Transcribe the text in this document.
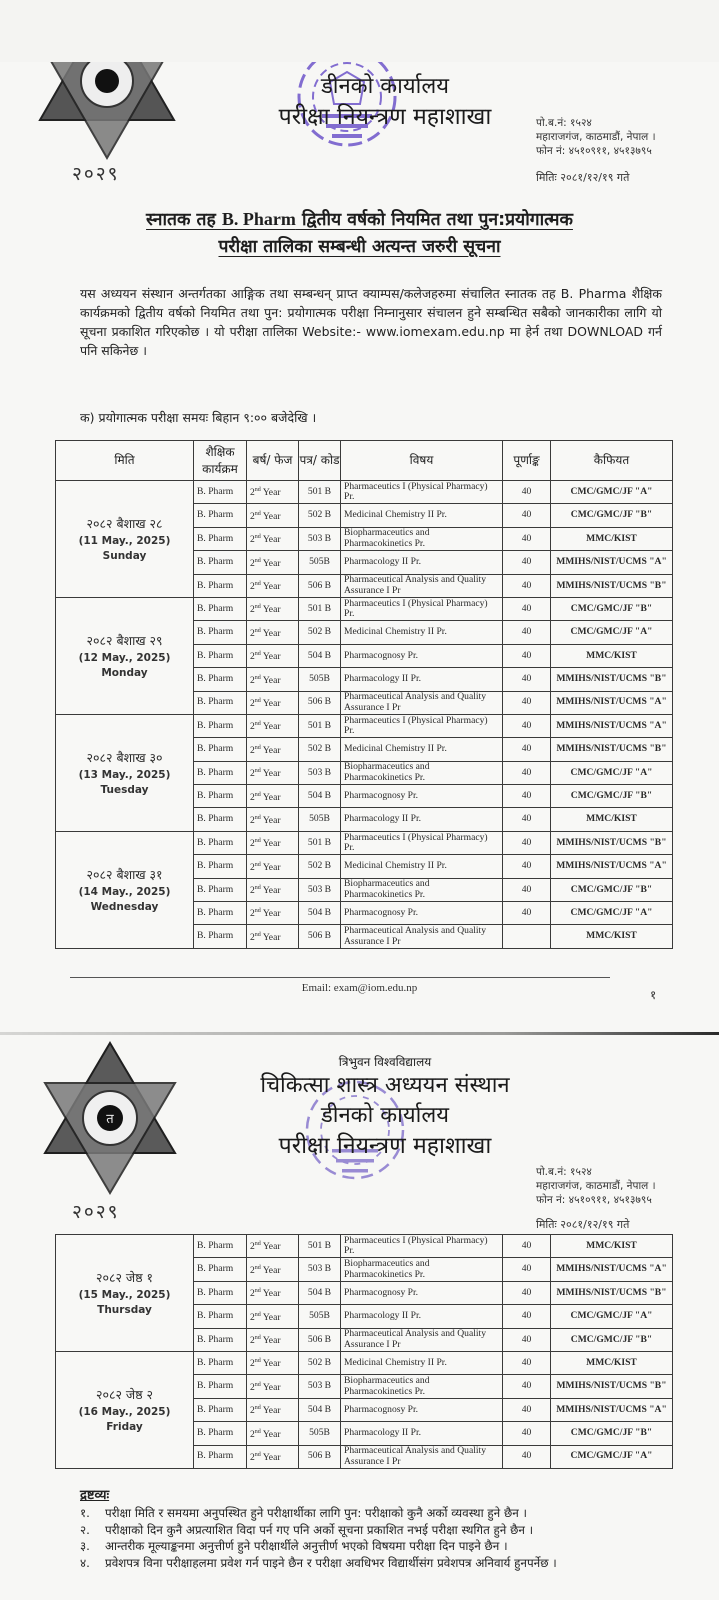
२०२९
डीनको कार्यालय
परीक्षा नियन्त्रण महाशाखा	पो.ब.नं: १५२४
महाराजगंज, काठमाडौं, नेपाल ।
फोन नं: ४५१०९११, ४५१३७९५
मितिः २०८१/१२/१९ गते
स्नातक तह B. Pharm द्वितीय वर्षको नियमित तथा पुन:प्रयोगात्मक
परीक्षा तालिका सम्बन्धी अत्यन्त जरुरी सूचना
यस अध्ययन संस्थान अन्तर्गतका आङ्गिक तथा सम्बन्धन् प्राप्त क्याम्पस/कलेजहरुमा संचालित स्नातक तह B. Pharma शैक्षिक कार्यक्रमको द्वितीय वर्षको नियमित तथा पुन: प्रयोगात्मक परीक्षा निम्नानुसार संचालन हुने सम्बन्धित सबैको जानकारीका लागि यो सूचना प्रकाशित गरिएकोछ । यो परीक्षा तालिका Website:- www.iomexam.edu.np मा हेर्न तथा DOWNLOAD गर्न पनि सकिनेछ ।
क) प्रयोगात्मक परीक्षा समयः बिहान ९:०० बजेदेखि ।
मिति	शैक्षिक कार्यक्रम	बर्ष/ फेज	पत्र/ कोड	विषय	पूर्णाङ्क	कैफियत

२०८२ बैशाख २८
(11 May., 2025) Sunday	B. Pharm	2nd Year	501 B	Pharmaceutics I (Physical Pharmacy) Pr.	40	CMC/GMC/JF "A"
	B. Pharm	2nd Year	502 B	Medicinal Chemistry II Pr.	40	CMC/GMC/JF "B"
	B. Pharm	2nd Year	503 B	Biopharmaceutics and Pharmacokinetics Pr.	40	MMC/KIST
	B. Pharm	2nd Year	505B	Pharmacology II Pr.	40	MMIHS/NIST/UCMS "A"
	B. Pharm	2nd Year	506 B	Pharmaceutical Analysis and Quality Assurance I Pr	40	MMIHS/NIST/UCMS "B"

२०८२ बैशाख २९
(12 May., 2025) Monday	B. Pharm	2nd Year	501 B	Pharmaceutics I (Physical Pharmacy) Pr.	40	CMC/GMC/JF "B"
	B. Pharm	2nd Year	502 B	Medicinal Chemistry II Pr.	40	CMC/GMC/JF "A"
	B. Pharm	2nd Year	504 B	Pharmacognosy Pr.	40	MMC/KIST
	B. Pharm	2nd Year	505B	Pharmacology II Pr.	40	MMIHS/NIST/UCMS "B"
	B. Pharm	2nd Year	506 B	Pharmaceutical Analysis and Quality Assurance I Pr	40	MMIHS/NIST/UCMS "A"

२०८२ बैशाख ३०
(13 May., 2025) Tuesday	B. Pharm	2nd Year	501 B	Pharmaceutics I (Physical Pharmacy) Pr.	40	MMIHS/NIST/UCMS "A"
	B. Pharm	2nd Year	502 B	Medicinal Chemistry II Pr.	40	MMIHS/NIST/UCMS "B"
	B. Pharm	2nd Year	503 B	Biopharmaceutics and Pharmacokinetics Pr.	40	CMC/GMC/JF "A"
	B. Pharm	2nd Year	504 B	Pharmacognosy Pr.	40	CMC/GMC/JF "B"
	B. Pharm	2nd Year	505B	Pharmacology II Pr.	40	MMC/KIST

२०८२ बैशाख ३१
(14 May., 2025) Wednesday	B. Pharm	2nd Year	501 B	Pharmaceutics I (Physical Pharmacy) Pr.	40	MMIHS/NIST/UCMS "B"
	B. Pharm	2nd Year	502 B	Medicinal Chemistry II Pr.	40	MMIHS/NIST/UCMS "A"
	B. Pharm	2nd Year	503 B	Biopharmaceutics and Pharmacokinetics Pr.	40	CMC/GMC/JF "B"
	B. Pharm	2nd Year	504 B	Pharmacognosy Pr.	40	CMC/GMC/JF "A"
	B. Pharm	2nd Year	506 B	Pharmaceutical Analysis and Quality Assurance I Pr		MMC/KIST
Email: exam@iom.edu.np	१
त
२०२९
त्रिभुवन विश्वविद्यालय
चिकित्सा शास्त्र अध्ययन संस्थान
डीनको कार्यालय
परीक्षा नियन्त्रण महाशाखा
पो.ब.नं: १५२४
महाराजगंज, काठमाडौं, नेपाल ।
फोन नं: ४५१०९११, ४५१३७९५
मितिः २०८१/१२/१९ गते
२०८२ जेष्ठ १
(15 May., 2025) Thursday	B. Pharm	2nd Year	501 B	Pharmaceutics I (Physical Pharmacy) Pr.	40	MMC/KIST
	B. Pharm	2nd Year	503 B	Biopharmaceutics and Pharmacokinetics Pr.	40	MMIHS/NIST/UCMS "A"
	B. Pharm	2nd Year	504 B	Pharmacognosy Pr.	40	MMIHS/NIST/UCMS "B"
	B. Pharm	2nd Year	505B	Pharmacology II Pr.	40	CMC/GMC/JF "A"
	B. Pharm	2nd Year	506 B	Pharmaceutical Analysis and Quality Assurance I Pr	40	CMC/GMC/JF "B"

२०८२ जेष्ठ २
(16 May., 2025) Friday	B. Pharm	2nd Year	502 B	Medicinal Chemistry II Pr.	40	MMC/KIST
	B. Pharm	2nd Year	503 B	Biopharmaceutics and Pharmacokinetics Pr.	40	MMIHS/NIST/UCMS "B"
	B. Pharm	2nd Year	504 B	Pharmacognosy Pr.	40	MMIHS/NIST/UCMS "A"
	B. Pharm	2nd Year	505B	Pharmacology II Pr.	40	CMC/GMC/JF "B"
	B. Pharm	2nd Year	506 B	Pharmaceutical Analysis and Quality Assurance I Pr	40	CMC/GMC/JF "A"
द्रष्टव्यः
१.	परीक्षा मिति र समयमा अनुपस्थित हुने परीक्षार्थीका लागि पुन: परीक्षाको कुनै अर्को व्यवस्था हुने छैन ।
२.	परीक्षाको दिन कुनै अप्रत्याशित विदा पर्न गए पनि अर्को सूचना प्रकाशित नभई परीक्षा स्थगित हुने छैन ।
३.	आन्तरीक मूल्याङ्कनमा अनुत्तीर्ण हुने परीक्षार्थीले अनुत्तीर्ण भएको विषयमा परीक्षा दिन पाइने छैन ।
४.	प्रवेशपत्र विना परीक्षाहलमा प्रवेश गर्न पाइने छैन र परीक्षा अवधिभर विद्यार्थीसंग प्रवेशपत्र अनिवार्य हुनपर्नेछ ।
